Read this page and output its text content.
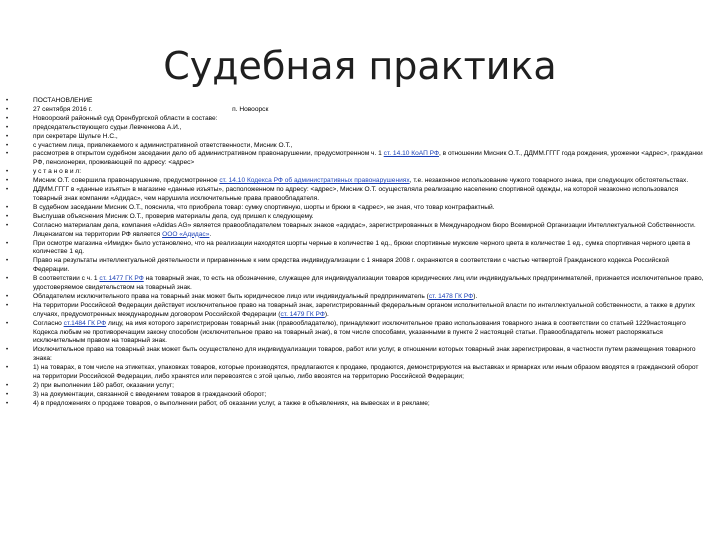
Судебная практика
•	ПОСТАНОВЛЕНИЕ
•	27 сентября 2016 г.	п. Новоорск
•	Новоорский районный суд Оренбургской области в составе:
•	председательствующего судьи Левченкова А.И.,
•	при секретаре Шульге Н.С.,
•	с участием лица, привлекаемого к административной ответственности, Мисник О.Т.,
•	рассмотрев в открытом судебном заседании дело об административном правонарушении, предусмотренном ч. 1 ст. 14.10 КоАП РФ, в отношении Мисник О.Т., ДДММ.ГГГГ года рождения, уроженки <адрес>, гражданки РФ, пенсионерки, проживающей по адресу: <адрес>
•	у с т а н о в и л:
•	Мисник О.Т. совершила правонарушение, предусмотренное ст. 14.10 Кодекса РФ об административных правонарушениях, т.е. незаконное использование чужого товарного знака, при следующих обстоятельствах.
•	ДДММ.ГГГГ в «данные изъяты» в магазине «данные изъяты», расположенном по адресу: <адрес>, Мисник О.Т. осуществляла реализацию населению спортивной одежды, на которой незаконно использовался товарный знак компании «Адидас», чем нарушила исключительные права правообладателя.
•	В судебном заседании Мисник О.Т., пояснила, что приобрела товар: сумку спортивную, шорты и брюки в <адрес>, не зная, что товар контрафактный.
•	Выслушав объяснения Мисник О.Т., проверив материалы дела, суд пришел к следующему.
•	Согласно материалам дела, компания «Adidas AG» является правообладателем товарных знаков «адидас», зарегистрированных в Международном бюро Всемирной Организации Интеллектуальной Собственности. Лицензиатом на территории РФ является ООО «Адидас».
•	При осмотре магазина «Имидж» было установлено, что на реализации находятся шорты черные в количестве 1 ед., брюки спортивные мужские черного цвета в количестве 1 ед., сумка спортивная черного цвета в количестве 1 ед.
•	Право на результаты интеллектуальной деятельности и приравненные к ним средства индивидуализации с 1 января 2008 г. охраняются в соответствии с частью четвертой Гражданского кодекса Российской Федерации.
•	В соответствии с ч. 1 ст. 1477 ГК РФ на товарный знак, то есть на обозначение, служащее для индивидуализации товаров юридических лиц или индивидуальных предпринимателей, признается исключительное право, удостоверяемое свидетельством на товарный знак.
•	Обладателем исключительного права на товарный знак может быть юридическое лицо или индивидуальный предприниматель (ст. 1478 ГК РФ).
•	На территории Российской Федерации действует исключительное право на товарный знак, зарегистрированный федеральным органом исполнительной власти по интеллектуальной собственности, а также в других случаях, предусмотренных международным договором Российской Федерации (ст. 1479 ГК РФ).
•	Согласно ст.1484 ГК РФ лицу, на имя которого зарегистрирован товарный знак (правообладателю), принадлежит исключительное право использования товарного знака в соответствии со статьей 1229настоящего Кодекса любым не противоречащим закону способом (исключительное право на товарный знак), в том числе способами, указанными в пункте 2 настоящей статьи. Правообладатель может распоряжаться исключительным правом на товарный знак.
•	Исключительное право на товарный знак может быть осуществлено для индивидуализации товаров, работ или услуг, в отношении которых товарный знак зарегистрирован, в частности путем размещения товарного знака:
•	1) на товарах, в том числе на этикетках, упаковках товаров, которые производятся, предлагаются к продаже, продаются, демонстрируются на выставках и ярмарках или иным образом вводятся в гражданский оборот на территории Российской Федерации, либо хранятся или перевозятся с этой целью, либо ввозятся на территорию Российской Федерации;
•	2) при выполнении 1ё0 работ, оказании услуг;
•	3) на документации, связанной с введением товаров в гражданский оборот;
•	4) в предложениях о продаже товаров, о выполнении работ, об оказании услуг, а также в объявлениях, на вывесках и в рекламе;
